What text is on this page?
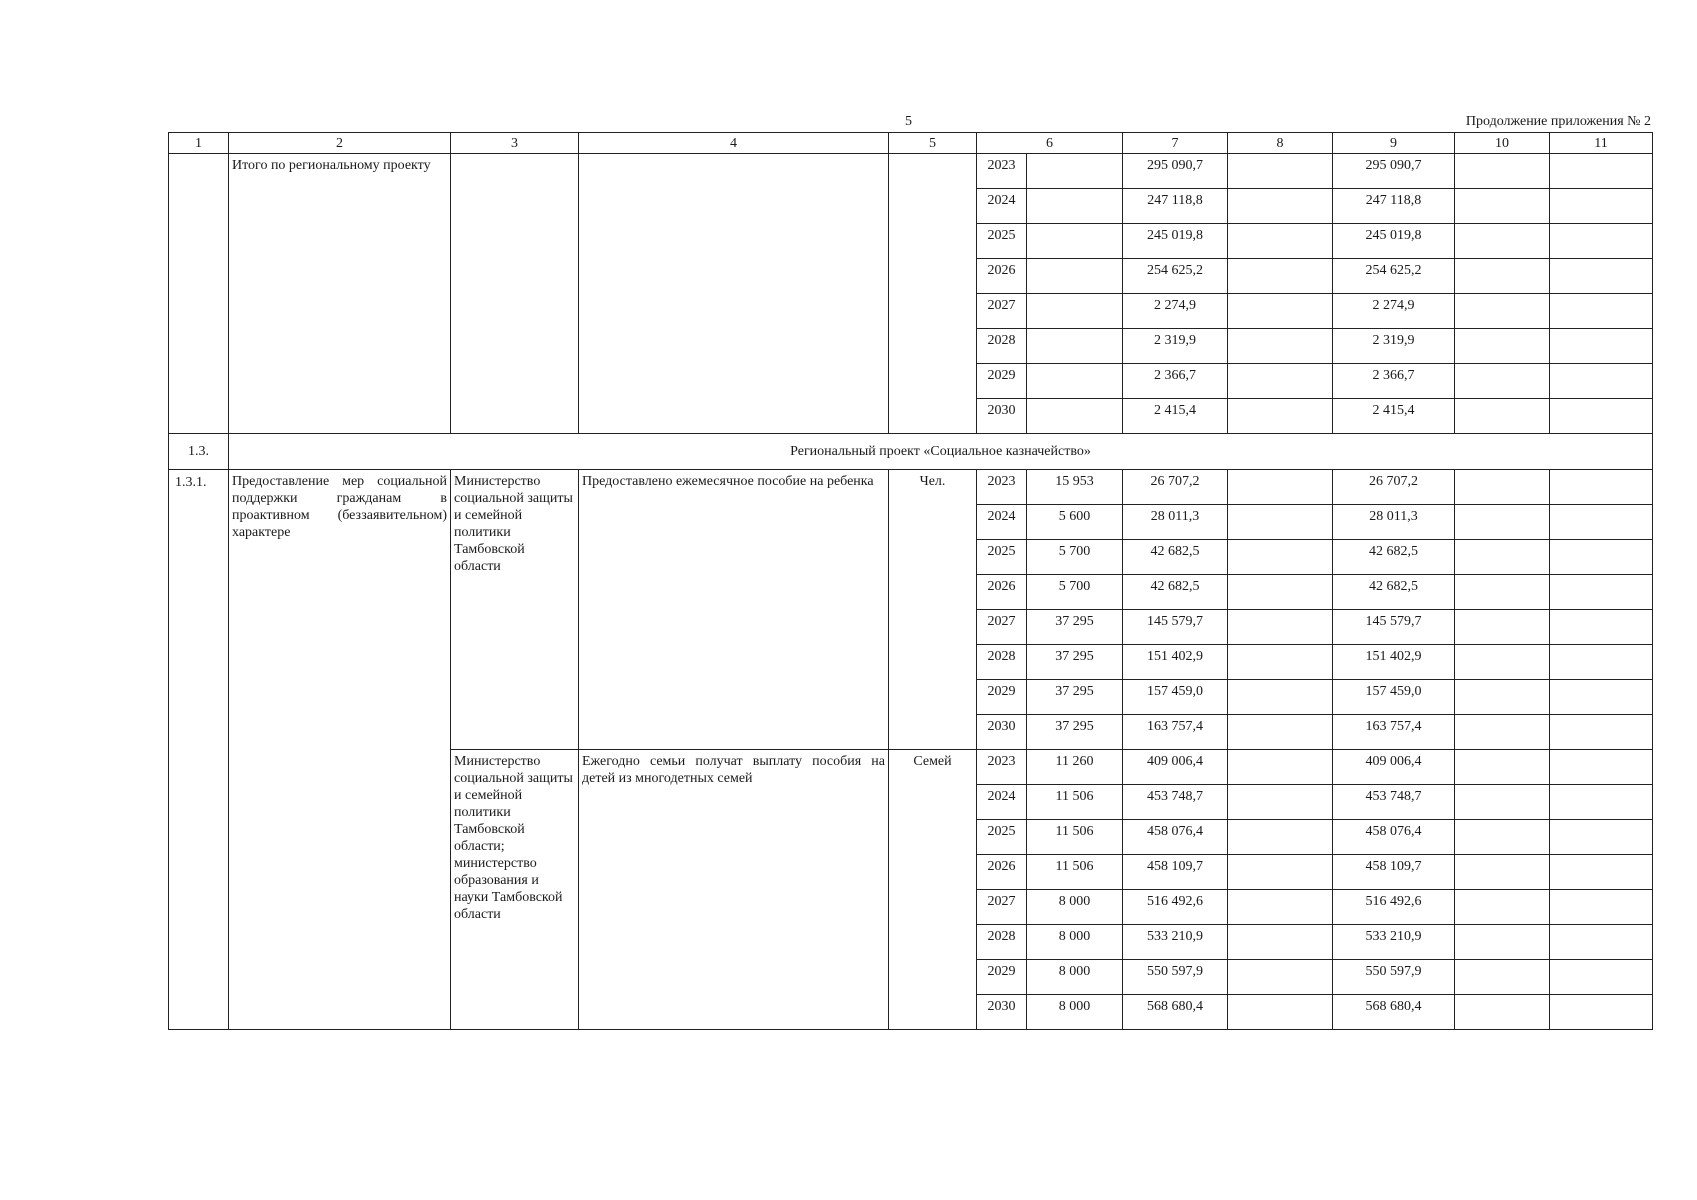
5	Продолжение приложения № 2
1	2	3	4	5	6		7	8	9	10	11
	Итого по региональному проекту				2023		295 090,7		295 090,7		
					2024		247 118,8		247 118,8		
					2025		245 019,8		245 019,8		
					2026		254 625,2		254 625,2		
					2027		2 274,9		2 274,9		
					2028		2 319,9		2 319,9		
					2029		2 366,7		2 366,7		
					2030		2 415,4		2 415,4		
1.3.	Региональный проект «Социальное казначейство»										
1.3.1.	Предоставление мер социальной поддержки гражданам в проактивном (беззаявительном) характере	Министерство социальной защиты и семейной политики Тамбовской области	Предоставлено ежемесячное пособие на ребенка	Чел.	2023	15 953	26 707,2		26 707,2		
					2024	5 600	28 011,3		28 011,3		
					2025	5 700	42 682,5		42 682,5		
					2026	5 700	42 682,5		42 682,5		
					2027	37 295	145 579,7		145 579,7		
					2028	37 295	151 402,9		151 402,9		
					2029	37 295	157 459,0		157 459,0		
					2030	37 295	163 757,4		163 757,4		
		Министерство социальной защиты и семейной политики Тамбовской области; министерство образования и науки Тамбовской области	Ежегодно семьи получат выплату пособия на детей из многодетных семей	Семей	2023	11 260	409 006,4		409 006,4		
					2024	11 506	453 748,7		453 748,7		
					2025	11 506	458 076,4		458 076,4		
					2026	11 506	458 109,7		458 109,7		
					2027	8 000	516 492,6		516 492,6		
					2028	8 000	533 210,9		533 210,9		
					2029	8 000	550 597,9		550 597,9		
					2030	8 000	568 680,4		568 680,4		
